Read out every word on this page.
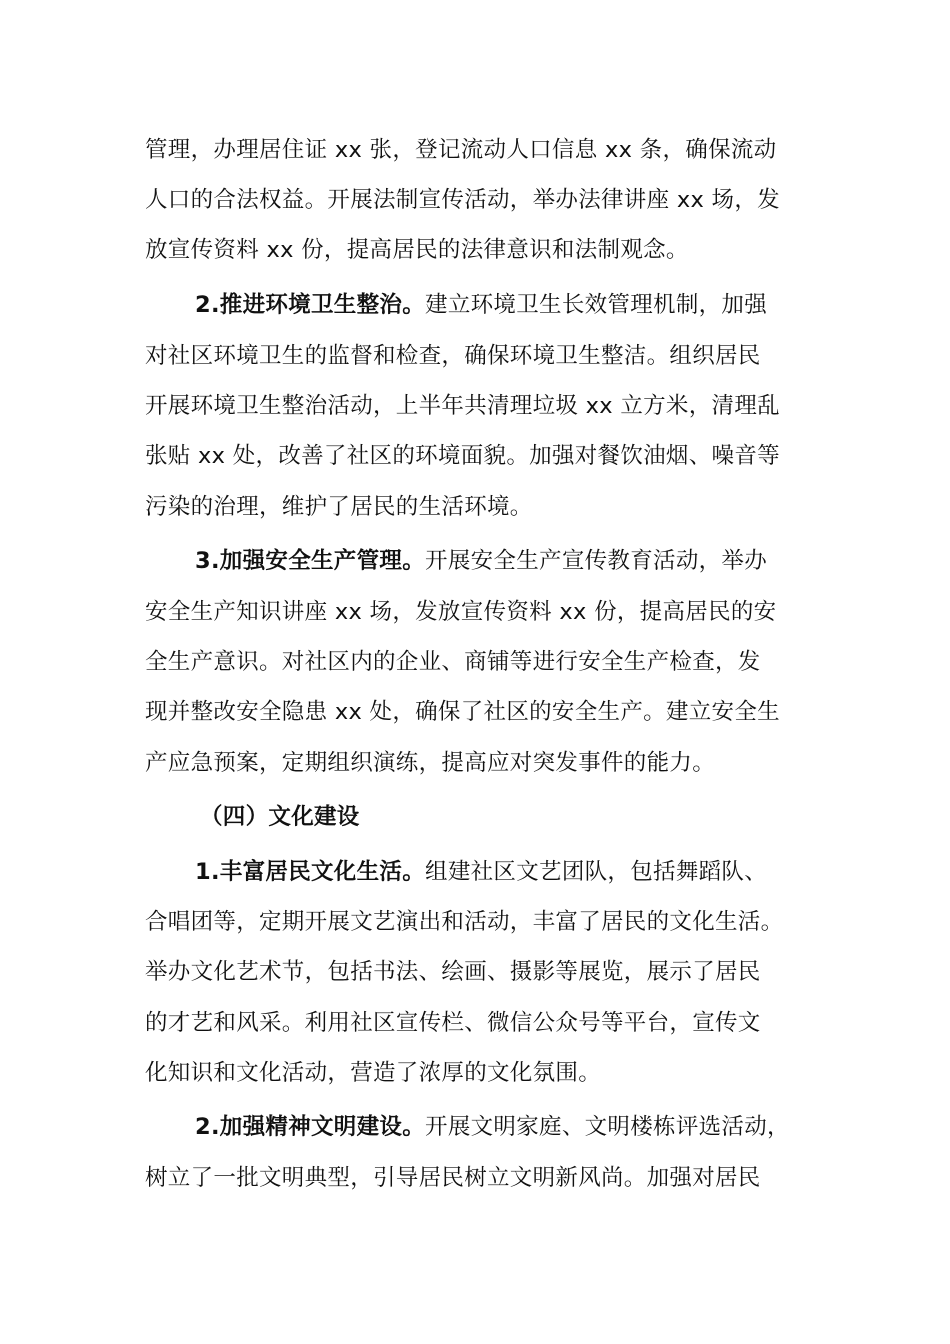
管理，办理居住证 xx 张，登记流动人口信息 xx 条，确保流动
人口的合法权益。开展法制宣传活动，举办法律讲座 xx 场，发
放宣传资料 xx 份，提高居民的法律意识和法制观念。
2.推进环境卫生整治。建立环境卫生长效管理机制，加强
对社区环境卫生的监督和检查，确保环境卫生整洁。组织居民
开展环境卫生整治活动，上半年共清理垃圾 xx 立方米，清理乱
张贴 xx 处，改善了社区的环境面貌。加强对餐饮油烟、噪音等
污染的治理，维护了居民的生活环境。
3.加强安全生产管理。开展安全生产宣传教育活动，举办
安全生产知识讲座 xx 场，发放宣传资料 xx 份，提高居民的安
全生产意识。对社区内的企业、商铺等进行安全生产检查，发
现并整改安全隐患 xx 处，确保了社区的安全生产。建立安全生
产应急预案，定期组织演练，提高应对突发事件的能力。
（四）文化建设
1.丰富居民文化生活。组建社区文艺团队，包括舞蹈队、
合唱团等，定期开展文艺演出和活动，丰富了居民的文化生活。
举办文化艺术节，包括书法、绘画、摄影等展览，展示了居民
的才艺和风采。利用社区宣传栏、微信公众号等平台，宣传文
化知识和文化活动，营造了浓厚的文化氛围。
2.加强精神文明建设。开展文明家庭、文明楼栋评选活动，
树立了一批文明典型，引导居民树立文明新风尚。加强对居民
